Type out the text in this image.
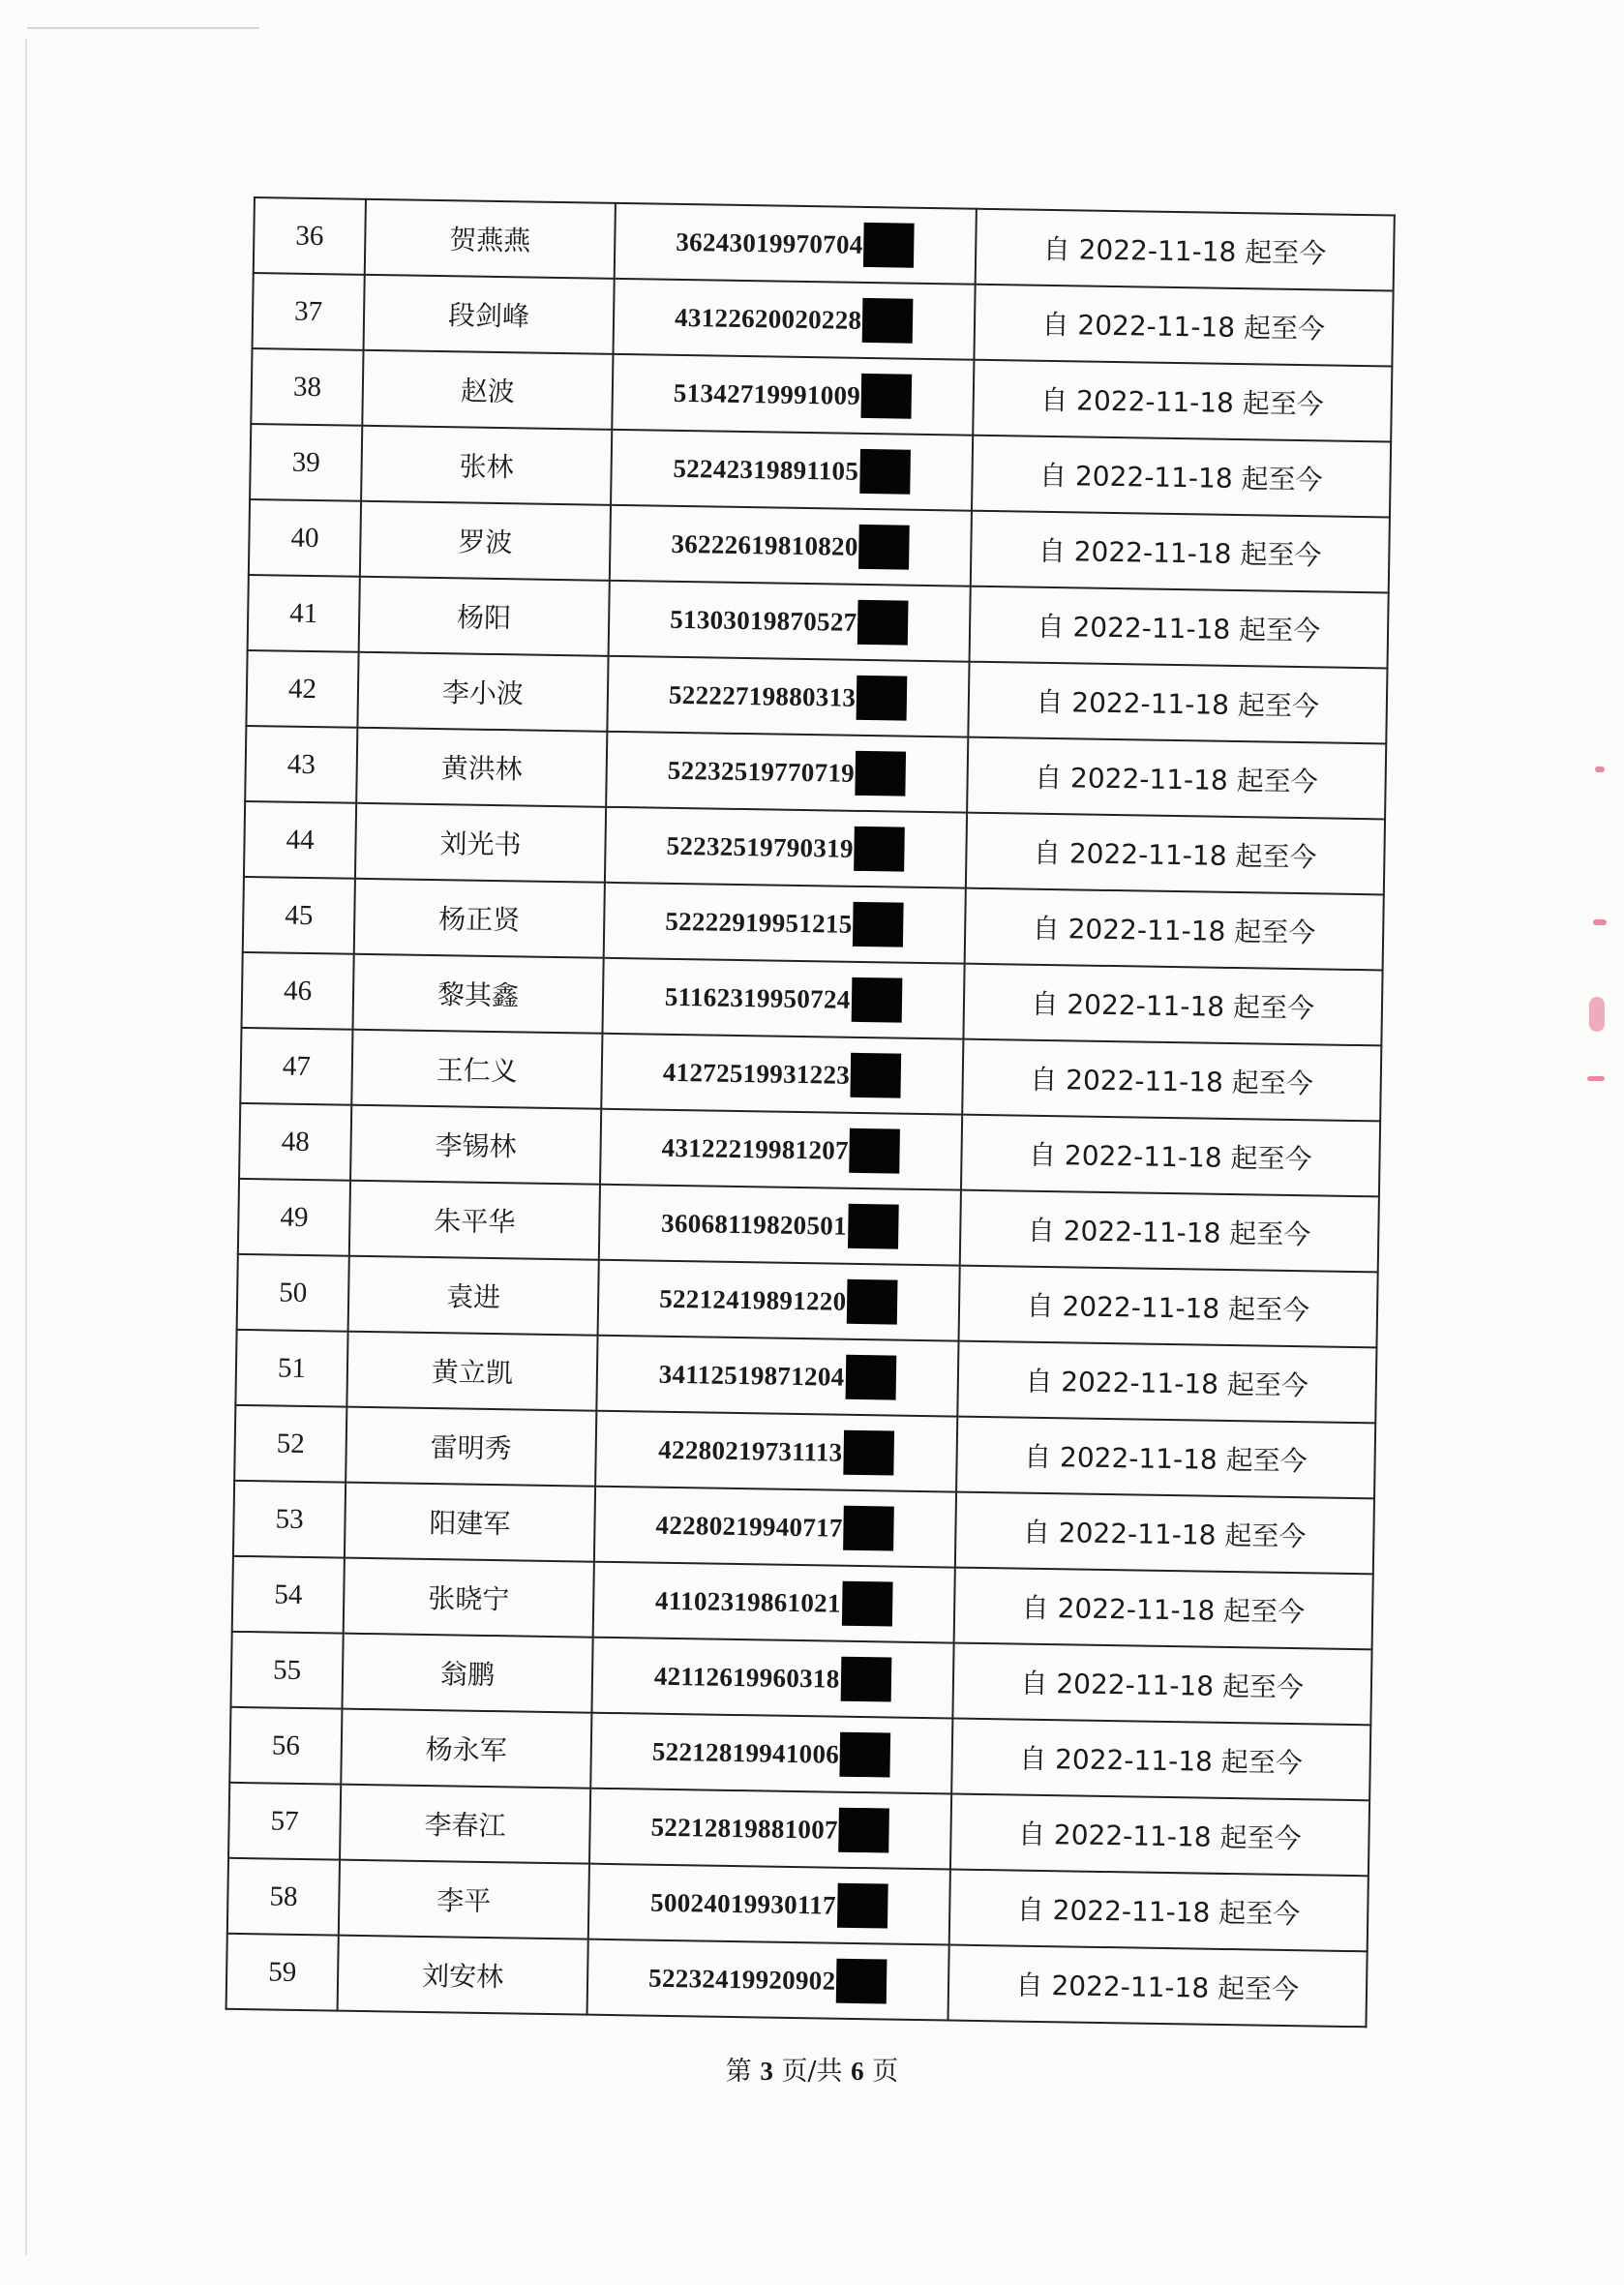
36	贺燕燕	36243019970704	自 2022-11-18 起至今
37	段剑峰	43122620020228	自 2022-11-18 起至今
38	赵波	51342719991009	自 2022-11-18 起至今
39	张林	52242319891105	自 2022-11-18 起至今
40	罗波	36222619810820	自 2022-11-18 起至今
41	杨阳	51303019870527	自 2022-11-18 起至今
42	李小波	52222719880313	自 2022-11-18 起至今
43	黄洪林	52232519770719	自 2022-11-18 起至今
44	刘光书	52232519790319	自 2022-11-18 起至今
45	杨正贤	52222919951215	自 2022-11-18 起至今
46	黎其鑫	51162319950724	自 2022-11-18 起至今
47	王仁义	41272519931223	自 2022-11-18 起至今
48	李锡林	43122219981207	自 2022-11-18 起至今
49	朱平华	36068119820501	自 2022-11-18 起至今
50	袁进	52212419891220	自 2022-11-18 起至今
51	黄立凯	34112519871204	自 2022-11-18 起至今
52	雷明秀	42280219731113	自 2022-11-18 起至今
53	阳建军	42280219940717	自 2022-11-18 起至今
54	张晓宁	41102319861021	自 2022-11-18 起至今
55	翁鹏	42112619960318	自 2022-11-18 起至今
56	杨永军	52212819941006	自 2022-11-18 起至今
57	李春江	52212819881007	自 2022-11-18 起至今
58	李平	50024019930117	自 2022-11-18 起至今
59	刘安林	52232419920902	自 2022-11-18 起至今
第 3 页/共 6 页
